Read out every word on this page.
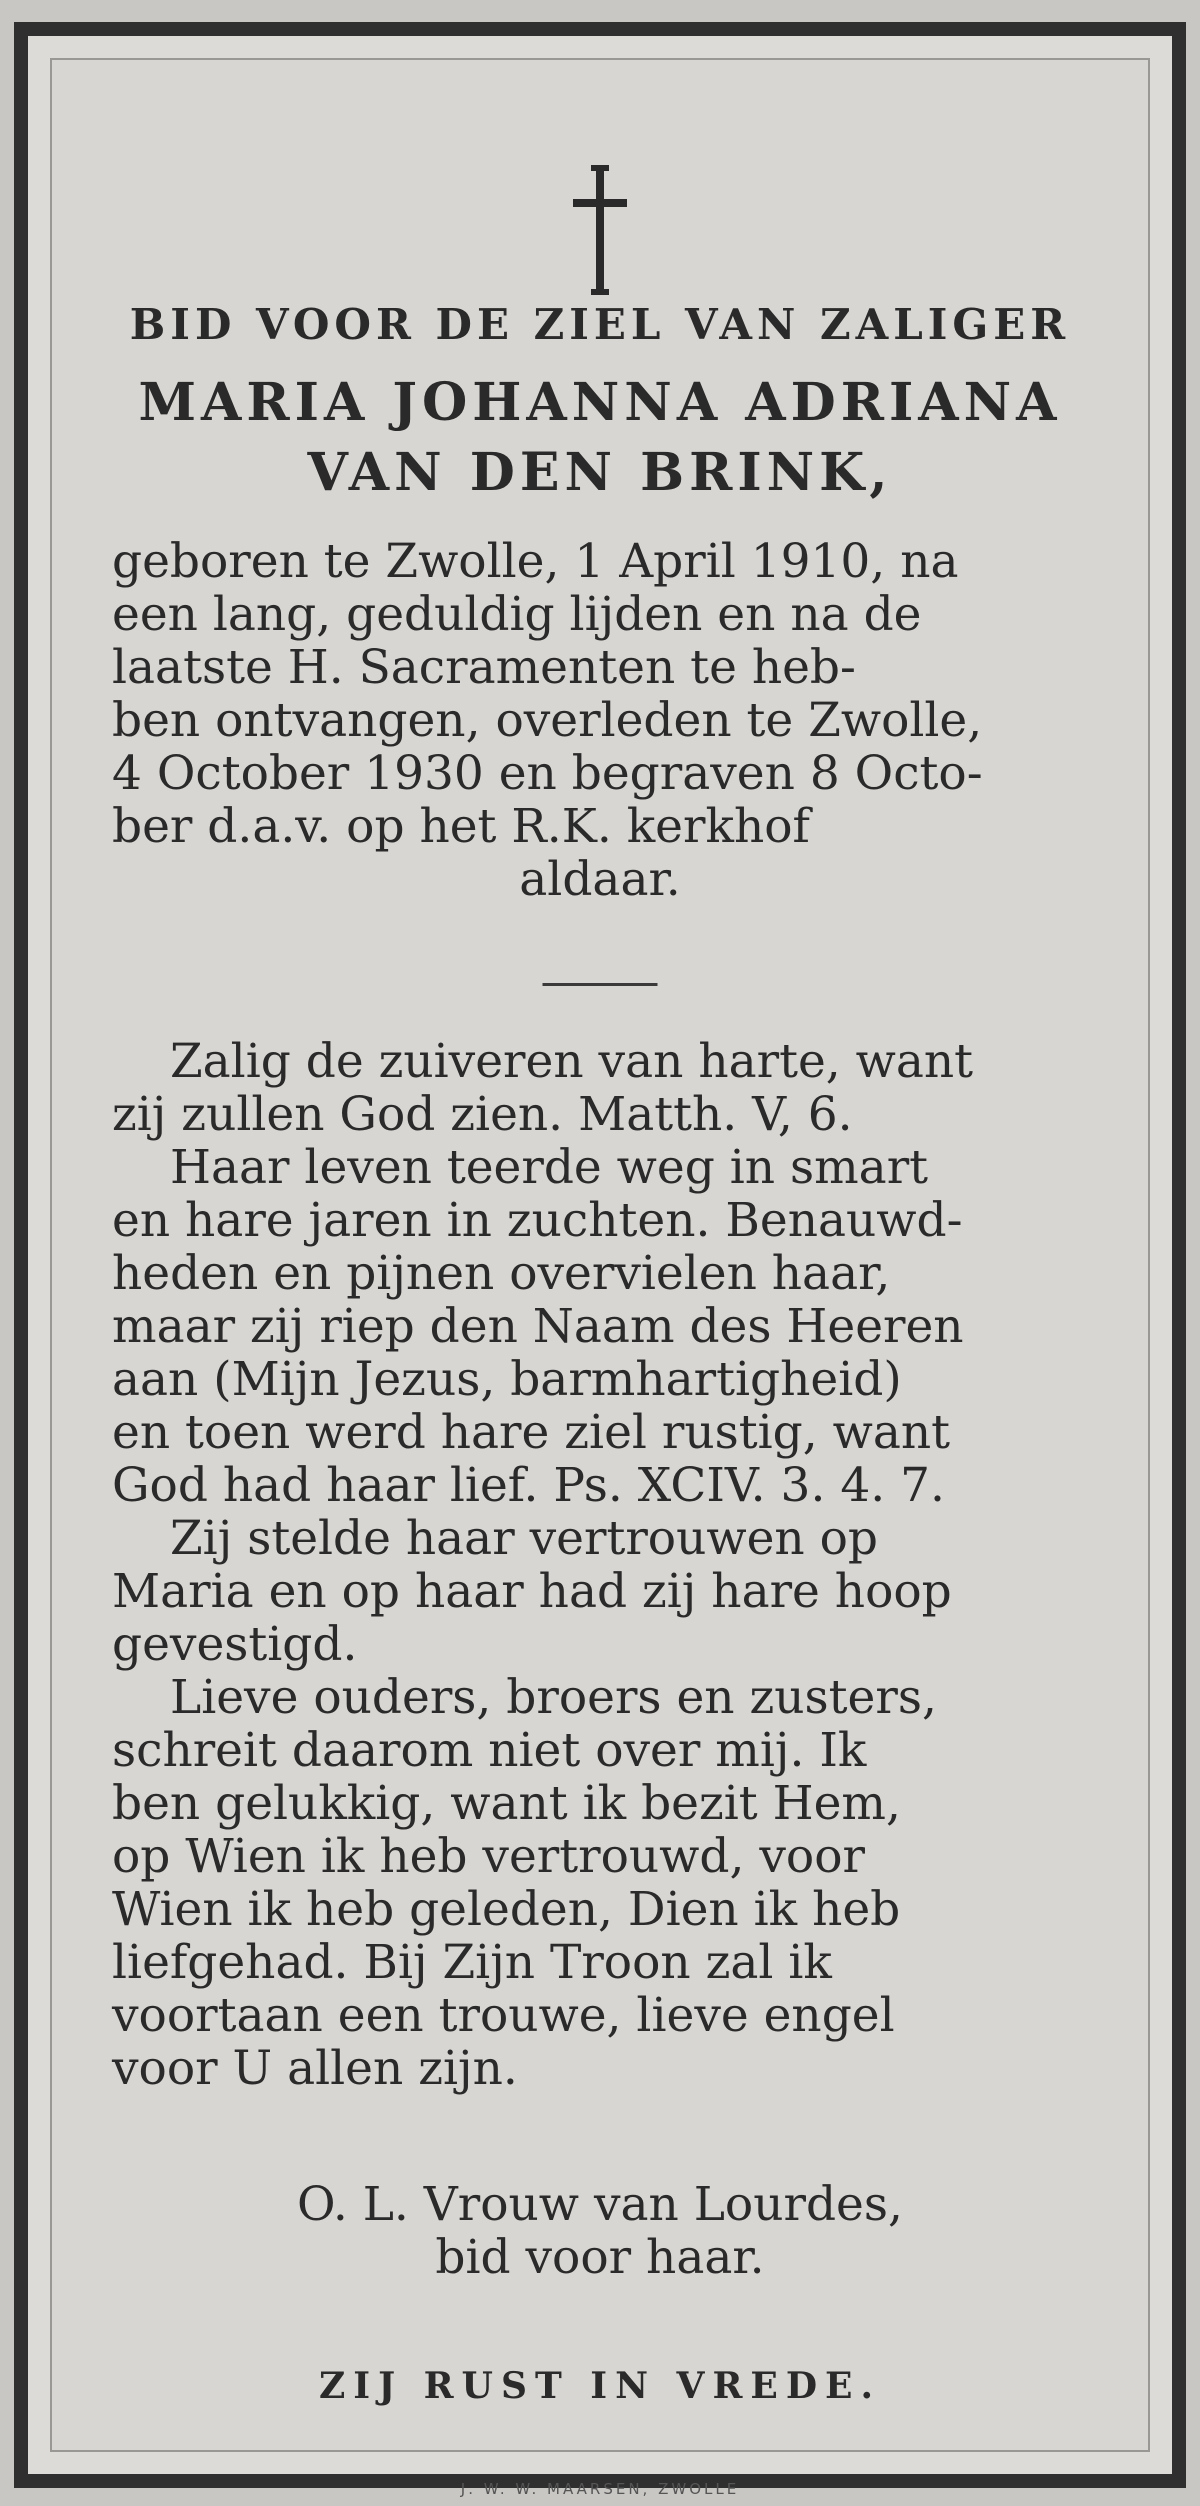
BID VOOR DE ZIEL VAN ZALIGER
MARIA JOHANNA ADRIANA
VAN DEN BRINK,
geboren te Zwolle, 1 April 1910, na
een lang, geduldig lijden en na de
laatste H. Sacramenten te heb-
ben ontvangen, overleden te Zwolle,
4 October 1930 en begraven 8 Octo-
ber d.a.v. op het R.K. kerkhof
aldaar.
Zalig de zuiveren van harte, want
zij zullen God zien. Matth. V, 6.
Haar leven teerde weg in smart
en hare jaren in zuchten. Benauwd-
heden en pijnen overvielen haar,
maar zij riep den Naam des Heeren
aan (Mijn Jezus, barmhartigheid)
en toen werd hare ziel rustig, want
God had haar lief. Ps. XCIV. 3. 4. 7.
Zij stelde haar vertrouwen op
Maria en op haar had zij hare hoop
gevestigd.
Lieve ouders, broers en zusters,
schreit daarom niet over mij. Ik
ben gelukkig, want ik bezit Hem,
op Wien ik heb vertrouwd, voor
Wien ik heb geleden, Dien ik heb
liefgehad. Bij Zijn Troon zal ik
voortaan een trouwe, lieve engel
voor U allen zijn.
O. L. Vrouw van Lourdes,
bid voor haar.
ZIJ RUST IN VREDE.
J. W. W. MAARSEN, ZWOLLE
